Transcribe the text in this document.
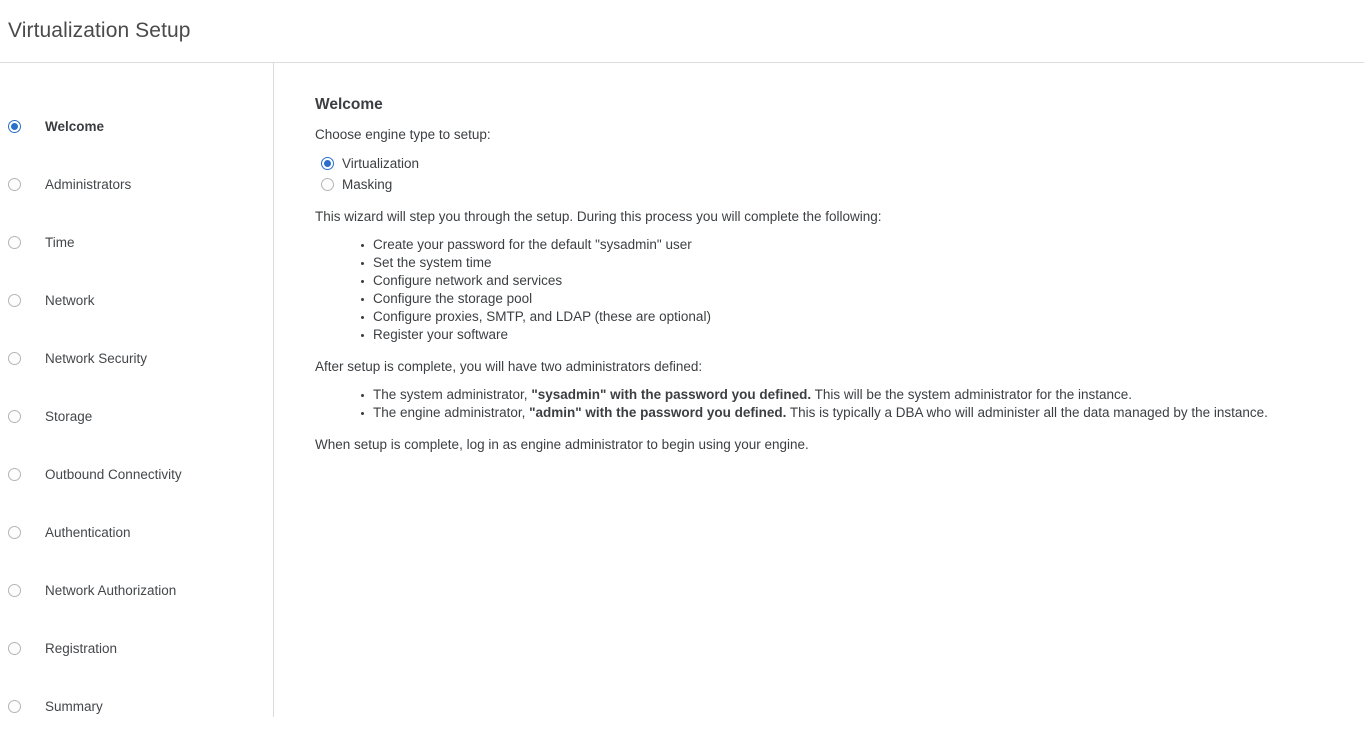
Virtualization Setup
Welcome
Administrators
Time
Network
Network Security
Storage
Outbound Connectivity
Authentication
Network Authorization
Registration
Summary
Welcome

Choose engine type to setup:

Virtualization
Masking

This wizard will step you through the setup. During this process you will complete the following:

Create your password for the default "sysadmin" user
Set the system time
Configure network and services
Configure the storage pool
Configure proxies, SMTP, and LDAP (these are optional)
Register your software

After setup is complete, you will have two administrators defined:

The system administrator, "sysadmin" with the password you defined. This will be the system administrator for the instance.
The engine administrator, "admin" with the password you defined. This is typically a DBA who will administer all the data managed by the instance.

When setup is complete, log in as engine administrator to begin using your engine.
